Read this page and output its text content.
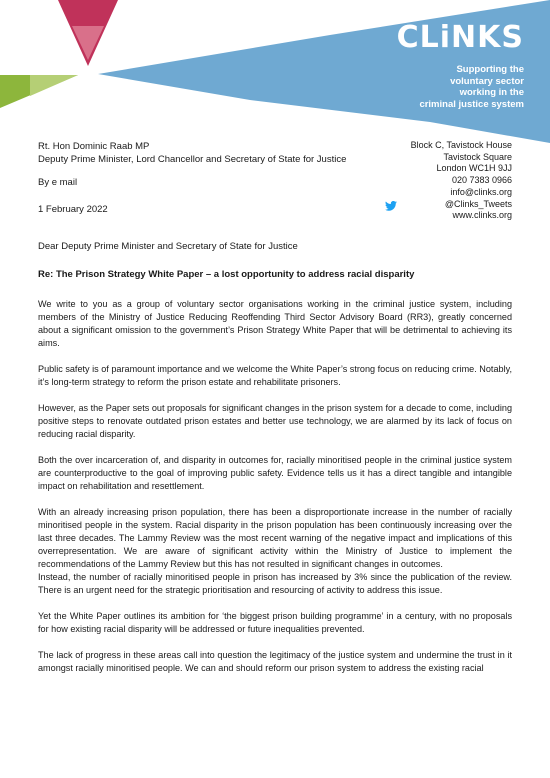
CLiNKS
Supporting the
voluntary sector
working in the
criminal justice system
Rt. Hon Dominic Raab MP
Deputy Prime Minister, Lord Chancellor and Secretary of State for Justice
By e mail
1 February 2022
Block C, Tavistock House
Tavistock Square
London WC1H 9JJ
020 7383 0966
info@clinks.org
@Clinks_Tweets
www.clinks.org
Dear Deputy Prime Minister and Secretary of State for Justice
Re: The Prison Strategy White Paper – a lost opportunity to address racial disparity

We write to you as a group of voluntary sector organisations working in the criminal justice system, including members of the Ministry of Justice Reducing Reoffending Third Sector Advisory Board (RR3), greatly concerned about a significant omission to the government’s Prison Strategy White Paper that will be detrimental to achieving its aims.

Public safety is of paramount importance and we welcome the White Paper’s strong focus on reducing crime. Notably, it’s long-term strategy to reform the prison estate and rehabilitate prisoners.

However, as the Paper sets out proposals for significant changes in the prison system for a decade to come, including positive steps to renovate outdated prison estates and better use technology, we are alarmed by its lack of focus on reducing racial disparity.

Both the over incarceration of, and disparity in outcomes for, racially minoritised people in the criminal justice system are counterproductive to the goal of improving public safety. Evidence tells us it has a direct tangible and intangible impact on rehabilitation and resettlement.

With an already increasing prison population, there has been a disproportionate increase in the number of racially minoritised people in the system. Racial disparity in the prison population has been continuously increasing over the last three decades. The Lammy Review was the most recent warning of the negative impact and implications of this overrepresentation. We are aware of significant activity within the Ministry of Justice to implement the recommendations of the Lammy Review but this has not resulted in significant changes in outcomes.

Instead, the number of racially minoritised people in prison has increased by 3% since the publication of the review. There is an urgent need for the strategic prioritisation and resourcing of activity to address this issue.

Yet the White Paper outlines its ambition for ‘the biggest prison building programme’ in a century, with no proposals for how existing racial disparity will be addressed or future inequalities prevented.

The lack of progress in these areas call into question the legitimacy of the justice system and undermine the trust in it amongst racially minoritised people. We can and should reform our prison system to address the existing racial
